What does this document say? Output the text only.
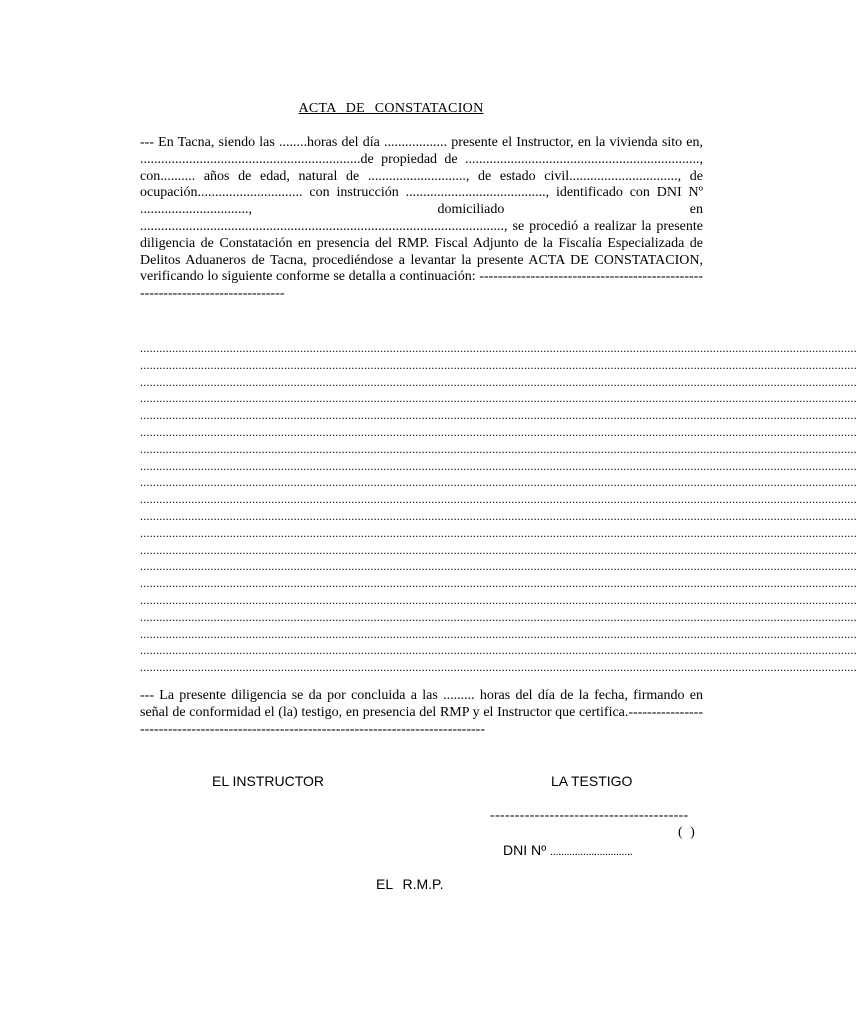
ACTA DE CONSTATACION
--- En Tacna, siendo las ........horas del día .................. presente el Instructor, en la vivienda sito en, ...............................................................de propiedad de ..................................................................., con.......... años de edad, natural de ............................, de estado civil..............................., de ocupación.............................. con instrucción ........................................, identificado con DNI Nº ..............................., domiciliado en ........................................................................................................, se procedió a realizar la presente diligencia de Constatación en presencia del RMP. Fiscal Adjunto de la Fiscalía Especializada de Delitos Aduaneros de Tacna, procediéndose a levantar la presente ACTA DE CONSTATACION, verificando lo siguiente conforme se detalla a continuación: -------------------------------------------------------------------------------
................................................................................................................................................................................................................................
................................................................................................................................................................................................................................
................................................................................................................................................................................................................................
................................................................................................................................................................................................................................
................................................................................................................................................................................................................................
................................................................................................................................................................................................................................
................................................................................................................................................................................................................................
................................................................................................................................................................................................................................
................................................................................................................................................................................................................................
................................................................................................................................................................................................................................
................................................................................................................................................................................................................................
................................................................................................................................................................................................................................
................................................................................................................................................................................................................................
................................................................................................................................................................................................................................
................................................................................................................................................................................................................................
................................................................................................................................................................................................................................
................................................................................................................................................................................................................................
................................................................................................................................................................................................................................
................................................................................................................................................................................................................................
................................................................................................................................................................................................................................
--- La presente diligencia se da por concluida a las ......... horas del día de la fecha, firmando en señal de conformidad el (la) testigo, en presencia del RMP y el Instructor que certifica.------------------------------------------------------------------------------------------
EL INSTRUCTOR	LA TESTIGO
----------------------------------------
( )
DNI Nº ..............................
EL R.M.P.
